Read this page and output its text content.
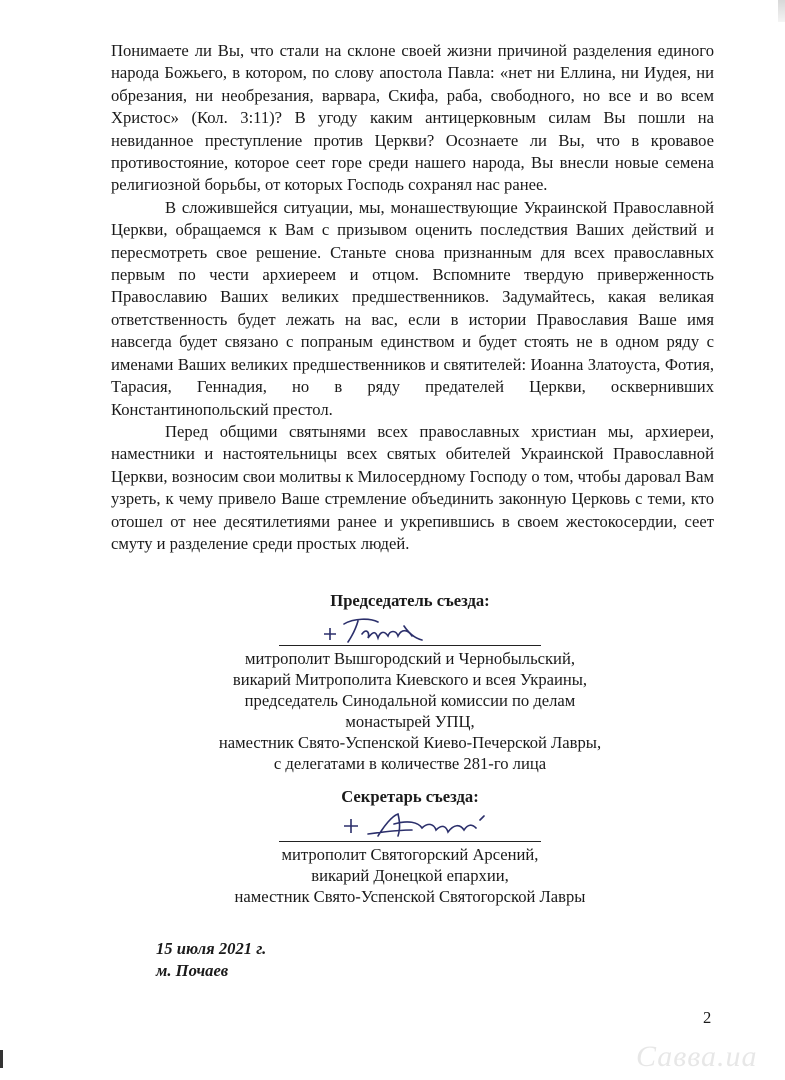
Понимаете ли Вы, что стали на склоне своей жизни причиной разделения единого народа Божьего, в котором, по слову апостола Павла: «нет ни Еллина, ни Иудея, ни обрезания, ни необрезания, варвара, Скифа, раба, свободного, но все и во всем Христос» (Кол. 3:11)? В угоду каким антицерковным силам Вы пошли на невиданное преступление против Церкви? Осознаете ли Вы, что в кровавое противостояние, которое сеет горе среди нашего народа, Вы внесли новые семена религиозной борьбы, от которых Господь сохранял нас ранее.

В сложившейся ситуации, мы, монашествующие Украинской Православной Церкви, обращаемся к Вам с призывом оценить последствия Ваших действий и пересмотреть свое решение. Станьте снова признанным для всех православных первым по чести архиереем и отцом. Вспомните твердую приверженность Православию Ваших великих предшественников. Задумайтесь, какая великая ответственность будет лежать на вас, если в истории Православия Ваше имя навсегда будет связано с попраным единством и будет стоять не в одном ряду с именами Ваших великих предшественников и святителей: Иоанна Златоуста, Фотия, Тарасия, Геннадия, но в ряду предателей Церкви, осквернивших Константинопольский престол.

Перед общими святынями всех православных христиан мы, архиереи, наместники и настоятельницы всех святых обителей Украинской Православной Церкви, возносим свои молитвы к Милосердному Господу о том, чтобы даровал Вам узреть, к чему привело Ваше стремление объединить законную Церковь с теми, кто отошел от нее десятилетиями ранее и укрепившись в своем жестокосердии, сеет смуту и разделение среди простых людей.

Председатель съезда:
митрополит Вышгородский и Чернобыльский,
викарий Митрополита Киевского и всея Украины,
председатель Синодальной комиссии по делам монастырей УПЦ,
наместник Свято-Успенской Киево-Печерской Лавры,
с делегатами в количестве 281-го лица
Секретарь съезда:
митрополит Святогорский Арсений,
викарий Донецкой епархии,
наместник Свято-Успенской Святогорской Лавры
15 июля 2021 г.
м. Почаев
2
Савва.ua
